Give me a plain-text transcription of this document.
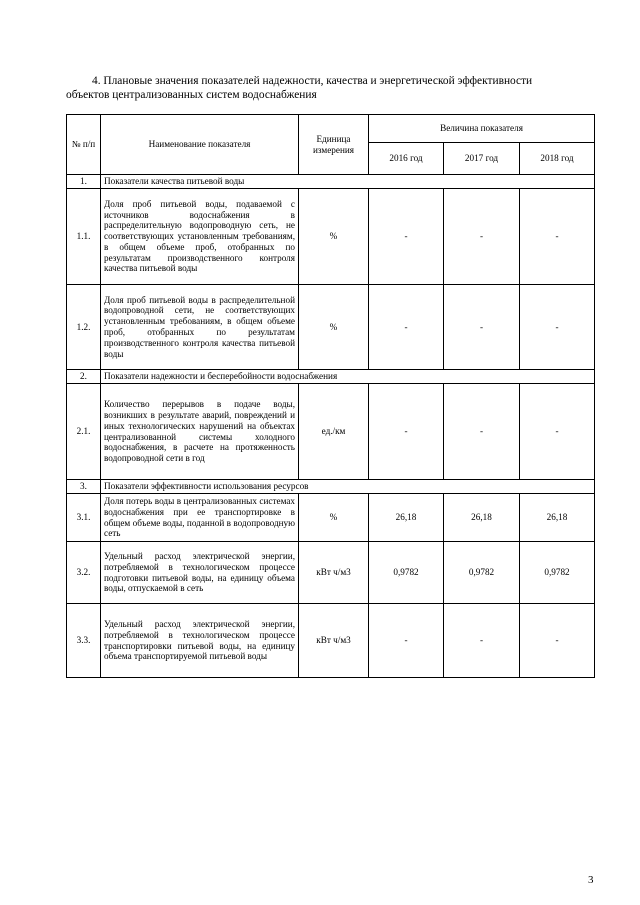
4. Плановые значения показателей надежности, качества и энергетической эффективности
объектов централизованных систем водоснабжения
№ п/п	Наименование показателя	Единица измерения	Величина показателя		
			2016 год	2017 год	2018 год
1.	Показатели качества питьевой воды				
1.1.	Доля проб питьевой воды, подаваемой с источников водоснабжения в распределительную водопроводную сеть, не соответствующих установленным требованиям, в общем объеме проб, отобранных по результатам производственного контроля качества питьевой воды	%	-	-	-
1.2.	Доля проб питьевой воды в распределительной водопроводной сети, не соответствующих установленным требованиям, в общем объеме проб, отобранных по результатам производственного контроля качества питьевой воды	%	-	-	-
2.	Показатели надежности и бесперебойности водоснабжения				
2.1.	Количество перерывов в подаче воды, возникших в результате аварий, повреждений и иных технологических нарушений на объектах централизованной системы холодного водоснабжения, в расчете на протяженность водопроводной сети в год	ед./км	-	-	-
3.	Показатели эффективности использования ресурсов				
3.1.	Доля потерь воды в централизованных системах водоснабжения при ее транспортировке в общем объеме воды, поданной в водопроводную сеть	%	26,18	26,18	26,18
3.2.	Удельный расход электрической энергии, потребляемой в технологическом процессе подготовки питьевой воды, на единицу объема воды, отпускаемой в сеть	кВт ч/м3	0,9782	0,9782	0,9782
3.3.	Удельный расход электрической энергии, потребляемой в технологическом процессе транспортировки питьевой воды, на единицу объема транспортируемой питьевой воды	кВт ч/м3	-	-	-
3
